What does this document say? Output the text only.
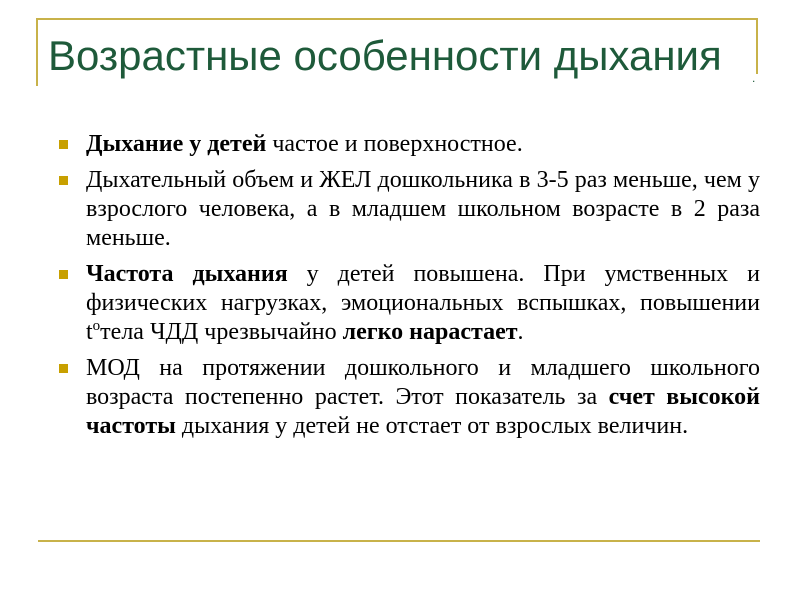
.
Возрастные особенности дыхания
Дыхание у детей частое и поверхностное.
Дыхательный объем и ЖЕЛ дошкольника в 3-5 раз меньше, чем у взрослого человека, а в младшем школьном возрасте в 2 раза меньше.
Частота дыхания у детей повышена. При умственных и физических нагрузках, эмоциональных вспышках, повышении $t^oтела$ ЧДД чрезвычайно легко нарастает.
МОД на протяжении дошкольного и младшего школьного возраста постепенно растет. Этот показатель за счет высокой частоты дыхания у детей не отстает от взрослых величин.
